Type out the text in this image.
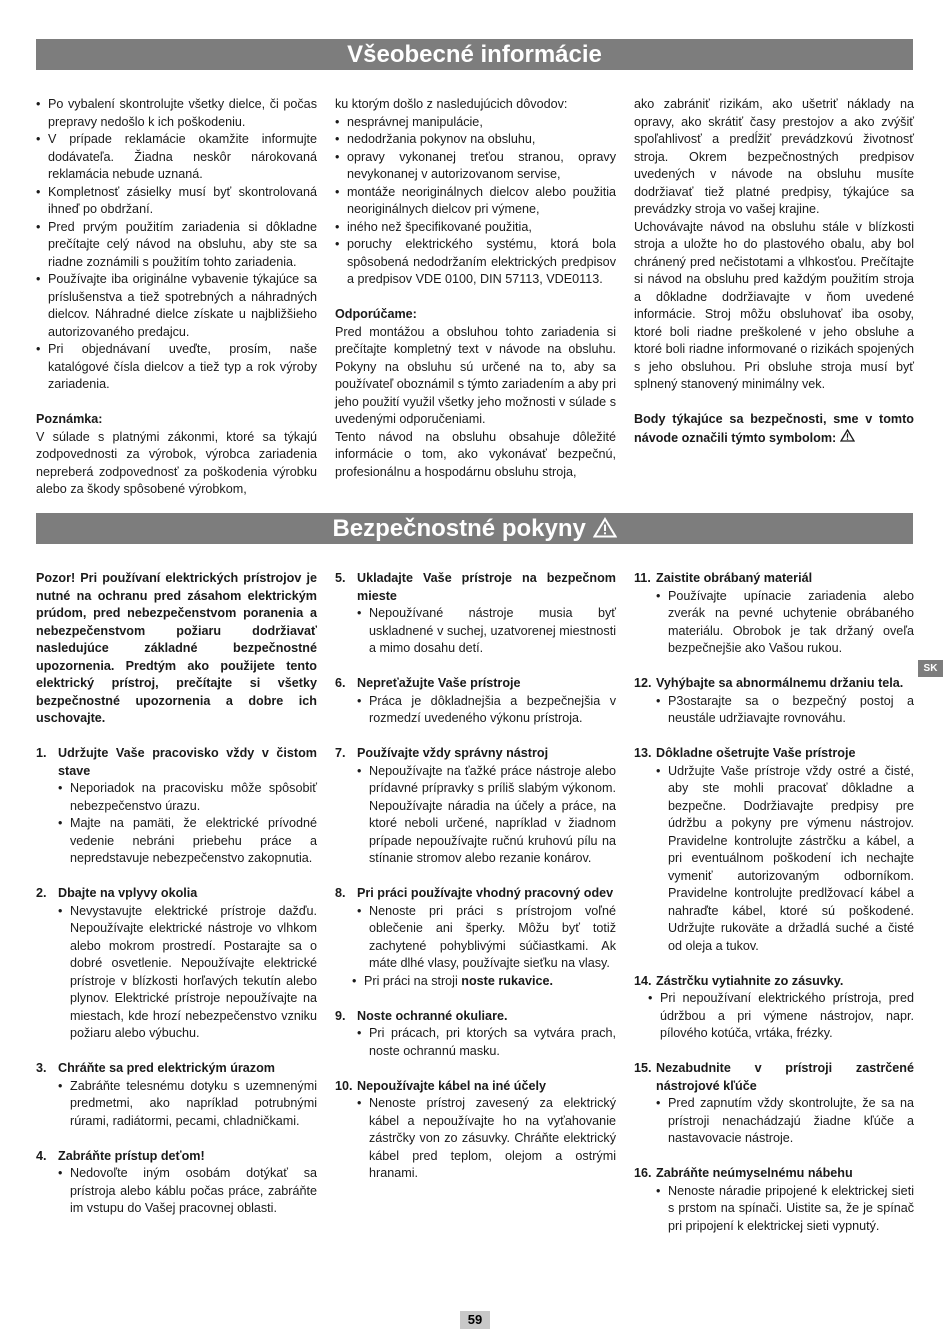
Všeobecné informácie
• Po vybalení skontrolujte všetky dielce, či počas prepravy nedošlo k ich poškodeniu.
• V prípade reklamácie okamžite informujte dodávateľa. Žiadna neskôr nárokovaná reklamácia nebude uznaná.
• Kompletnosť zásielky musí byť skontrolovaná ihneď po obdržaní.
• Pred prvým použitím zariadenia si dôkladne prečítajte celý návod na obsluhu, aby ste sa riadne zoznámili s použitím tohto zariadenia.
• Používajte iba originálne vybavenie týkajúce sa príslušenstva a tiež spotrebných a náhradných dielcov. Náhradné dielce získate u najbližšieho autorizovaného predajcu.
• Pri objednávaní uveďte, prosím, naše katalógové čísla dielcov a tiež typ a rok výroby zariadenia.

Poznámka:

V súlade s platnými zákonmi, ktoré sa týkajú zodpovednosti za výrobok, výrobca zariadenia nepreberá zodpovednosť za poškodenia výrobku alebo za škody spôsobené výrobkom,

ku ktorým došlo z nasledujúcich dôvodov:

• nesprávnej manipulácie,
• nedodržania pokynov na obsluhu,
• opravy vykonanej treťou stranou, opravy nevykonanej v autorizovanom servise,
• montáže neoriginálnych dielcov alebo použitia neoriginálnych dielcov pri výmene,
• iného než špecifikované použitia,
• poruchy elektrického systému, ktorá bola spôsobená nedodržaním elektrických predpisov a predpisov VDE 0100, DIN 57113, VDE0113.

Odporúčame:

Pred montážou a obsluhou tohto zariadenia si prečítajte kompletný text v návode na obsluhu. Pokyny na obsluhu sú určené na to, aby sa používateľ oboznámil s týmto zariadením a aby pri jeho použití využil všetky jeho možnosti v súlade s uvedenými odporučeniami.

Tento návod na obsluhu obsahuje dôležité informácie o tom, ako vykonávať bezpečnú, profesionálnu a hospodárnu obsluhu stroja,

ako zabrániť rizikám, ako ušetriť náklady na opravy, ako skrátiť časy prestojov a ako zvýšiť spoľahlivosť a predĺžiť prevádzkovú životnosť stroja. Okrem bezpečnostných predpisov uvedených v návode na obsluhu musíte dodržiavať tiež platné predpisy, týkajúce sa prevádzky stroja vo vašej krajine.

Uchovávajte návod na obsluhu stále v blízkosti stroja a uložte ho do plastového obalu, aby bol chránený pred nečistotami a vlhkosťou. Prečítajte si návod na obsluhu pred každým použitím stroja a dôkladne dodržiavajte v ňom uvedené informácie. Stroj môžu obsluhovať iba osoby, ktoré boli riadne preškolené v jeho obsluhe a ktoré boli riadne informované o rizikách spojených s jeho obsluhou. Pri obsluhe stroja musí byť splnený stanovený minimálny vek.

Body týkajúce sa bezpečnosti, sme v tomto návode označili týmto symbolom:

Bezpečnostné pokyny

Pozor! Pri používaní elektrických prístrojov je nutné na ochranu pred zásahom elektrickým prúdom, pred nebezpečenstvom poranenia a nebezpečenstvom požiaru dodržiavať nasledujúce základné bezpečnostné upozornenia. Predtým ako použijete tento elektrický prístroj, prečítajte si všetky bezpečnostné upozornenia a dobre ich uschovajte.

1. Udržujte Vaše pracovisko vždy v čistom stave
• Neporiadok na pracovisku môže spôsobiť nebezpečenstvo úrazu.
• Majte na pamäti, že elektrické prívodné vedenie nebráni priebehu práce a nepredstavuje nebezpečenstvo zakopnutia.
2. Dbajte na vplyvy okolia
• Nevystavujte elektrické prístroje dažďu. Nepoužívajte elektrické nástroje vo vlhkom alebo mokrom prostredí. Postarajte sa o dobré osvetlenie. Nepoužívajte elektrické prístroje v blízkosti horľavých tekutín alebo plynov. Elektrické prístroje nepoužívajte na miestach, kde hrozí nebezpečenstvo vzniku požiaru alebo výbuchu.
3. Chráňte sa pred elektrickým úrazom
• Zabráňte telesnému dotyku s uzemnenými predmetmi, ako napríklad potrubnými rúrami, radiátormi, pecami, chladničkami.
4. Zabráňte prístup deťom!
• Nedovoľte iným osobám dotýkať sa prístroja alebo káblu počas práce, zabráňte im vstupu do Vašej pracovnej oblasti.
5. Ukladajte Vaše prístroje na bezpečnom mieste
• Nepoužívané nástroje musia byť uskladnené v suchej, uzatvorenej miestnosti a mimo dosahu detí.
6. Nepreťažujte Vaše prístroje
• Práca je dôkladnejšia a bezpečnejšia v rozmedzí uvedeného výkonu prístroja.
7. Používajte vždy správny nástroj
• Nepoužívajte na ťažké práce nástroje alebo prídavné prípravky s príliš slabým výkonom. Nepoužívajte náradia na účely a práce, na ktoré neboli určené, napríklad v žiadnom prípade nepoužívajte ručnú kruhovú pílu na stínanie stromov alebo rezanie konárov.
8. Pri práci používajte vhodný pracovný odev
• Nenoste pri práci s prístrojom voľné oblečenie ani šperky. Môžu byť totiž zachytené pohyblivými súčiastkami. Ak máte dlhé vlasy, používajte sieťku na vlasy.
• Pri práci na stroji noste rukavice.
9. Noste ochranné okuliare.
• Pri prácach, pri ktorých sa vytvára prach, noste ochrannú masku.
10. Nepoužívajte kábel na iné účely
• Nenoste prístroj zavesený za elektrický kábel a nepoužívajte ho na vyťahovanie zástrčky von zo zásuvky. Chráňte elektrický kábel pred teplom, olejom a ostrými hranami.
11. Zaistite obrábaný materiál
• Používajte upínacie zariadenia alebo zverák na pevné uchytenie obrábaného materiálu. Obrobok je tak držaný oveľa bezpečnejšie ako Vašou rukou.
12. Vyhýbajte sa abnormálnemu držaniu tela.
• P3ostarajte sa o bezpečný postoj a neustále udržiavajte rovnováhu.
13. Dôkladne ošetrujte Vaše prístroje
• Udržujte Vaše prístroje vždy ostré a čisté, aby ste mohli pracovať dôkladne a bezpečne. Dodržiavajte predpisy pre údržbu a pokyny pre výmenu nástrojov. Pravidelne kontrolujte zástrčku a kábel, a pri eventuálnom poškodení ich nechajte vymeniť autorizovaným odborníkom. Pravidelne kontrolujte predlžovací kábel a nahraďte kábel, ktoré sú poškodené. Udržujte rukoväte a držadlá suché a čisté od oleja a tukov.
14. Zástrčku vytiahnite zo zásuvky.
• Pri nepoužívaní elektrického prístroja, pred údržbou a pri výmene nástrojov, napr. pílového kotúča, vrtáka, frézky.
15. Nezabudnite v prístroji zastrčené nástrojové kľúče
• Pred zapnutím vždy skontrolujte, že sa na prístroji nenachádzajú žiadne kľúče a nastavovacie nástroje.
16. Zabráňte neúmyselnému nábehu
• Nenoste náradie pripojené k elektrickej sieti s prstom na spínači. Uistite sa, že je spínač pri pripojení k elektrickej sieti vypnutý.
SK
59
